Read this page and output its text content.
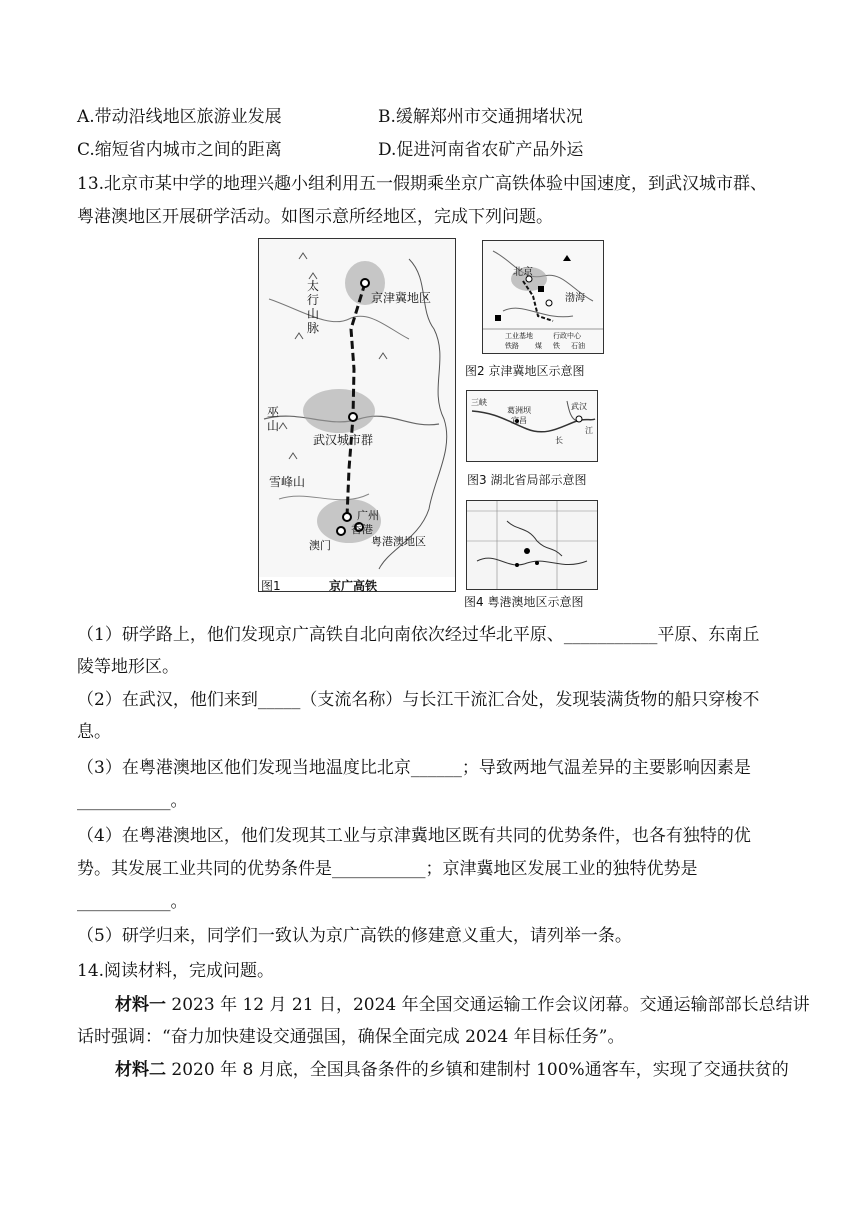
A.带动沿线地区旅游业发展	B.缓解郑州市交通拥堵状况
C.缩短省内城市之间的距离	D.促进河南省农矿产品外运
13.北京市某中学的地理兴趣小组利用五一假期乘坐京广高铁体验中国速度，到武汉城市群、
粤港澳地区开展研学活动。如图示意所经地区，完成下列问题。
太行山脉
京津冀地区
巫山
武汉城市群
雪峰山
广州
香港
澳门	粤港澳地区
图1	京广高铁
北京
渤海
工业基地	行政中心
铁路 煤 铁 石油
图2 京津冀地区示意图
三峡
葛洲坝
宜昌
武汉
长
江
图3 湖北省局部示意图
图4 粤港澳地区示意图
（1）研学路上，他们发现京广高铁自北向南依次经过华北平原、___________平原、东南丘
陵等地形区。
（2）在武汉，他们来到_____（支流名称）与长江干流汇合处，发现装满货物的船只穿梭不
息。
（3）在粤港澳地区他们发现当地温度比北京______；导致两地气温差异的主要影响因素是
___________。
（4）在粤港澳地区，他们发现其工业与京津冀地区既有共同的优势条件，也各有独特的优
势。其发展工业共同的优势条件是___________；京津冀地区发展工业的独特优势是
___________。
（5）研学归来，同学们一致认为京广高铁的修建意义重大，请列举一条。
14.阅读材料，完成问题。
材料一 2023 年 12 月 21 日，2024 年全国交通运输工作会议闭幕。交通运输部部长总结讲
话时强调：“奋力加快建设交通强国，确保全面完成 2024 年目标任务”。
材料二 2020 年 8 月底，全国具备条件的乡镇和建制村 100%通客车，实现了交通扶贫的
